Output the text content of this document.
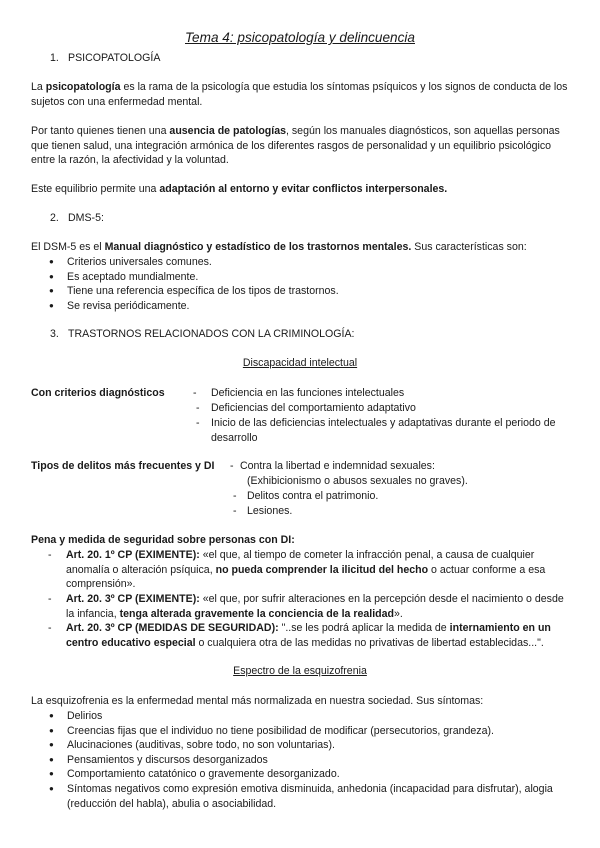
Tema 4: psicopatología y delincuencia
1. PSICOPATOLOGÍA
La psicopatología es la rama de la psicología que estudia los síntomas psíquicos y los signos de conducta de los sujetos con una enfermedad mental.
Por tanto quienes tienen una ausencia de patologías, según los manuales diagnósticos, son aquellas personas que tienen salud, una integración armónica de los diferentes rasgos de personalidad y un equilibrio psicológico entre la razón, la afectividad y la voluntad.
Este equilibrio permite una adaptación al entorno y evitar conflictos interpersonales.
2. DMS-5:
El DSM-5 es el Manual diagnóstico y estadístico de los trastornos mentales. Sus características son:
● Criterios universales comunes.
● Es aceptado mundialmente.
● Tiene una referencia específica de los tipos de trastornos.
● Se revisa periódicamente.
3. TRASTORNOS RELACIONADOS CON LA CRIMINOLOGÍA:
Discapacidad intelectual
Con criterios diagnósticos	- Deficiencia en las funciones intelectuales
- Deficiencias del comportamiento adaptativo
- Inicio de las deficiencias intelectuales y adaptativas durante el periodo de desarrollo
Tipos de delitos más frecuentes y DI - Contra la libertad e indemnidad sexuales:
(Exhibicionismo o abusos sexuales no graves).
- Delitos contra el patrimonio.
- Lesiones.
Pena y medida de seguridad sobre personas con DI:
- Art. 20. 1º CP (EXIMENTE): «el que, al tiempo de cometer la infracción penal, a causa de cualquier anomalía o alteración psíquica, no pueda comprender la ilicitud del hecho o actuar conforme a esa comprensión».
- Art. 20. 3º CP (EXIMENTE): «el que, por sufrir alteraciones en la percepción desde el nacimiento o desde la infancia, tenga alterada gravemente la conciencia de la realidad».
- Art. 20. 3º CP (MEDIDAS DE SEGURIDAD): "..se les podrá aplicar la medida de internamiento en un centro educativo especial o cualquiera otra de las medidas no privativas de libertad establecidas...".
Espectro de la esquizofrenia
La esquizofrenia es la enfermedad mental más normalizada en nuestra sociedad. Sus síntomas:
● Delirios
● Creencias fijas que el individuo no tiene posibilidad de modificar (persecutorios, grandeza).
● Alucinaciones (auditivas, sobre todo, no son voluntarias).
● Pensamientos y discursos desorganizados
● Comportamiento catatónico o gravemente desorganizado.
● Síntomas negativos como expresión emotiva disminuida, anhedonia (incapacidad para disfrutar), alogia (reducción del habla), abulia o asociabilidad.
